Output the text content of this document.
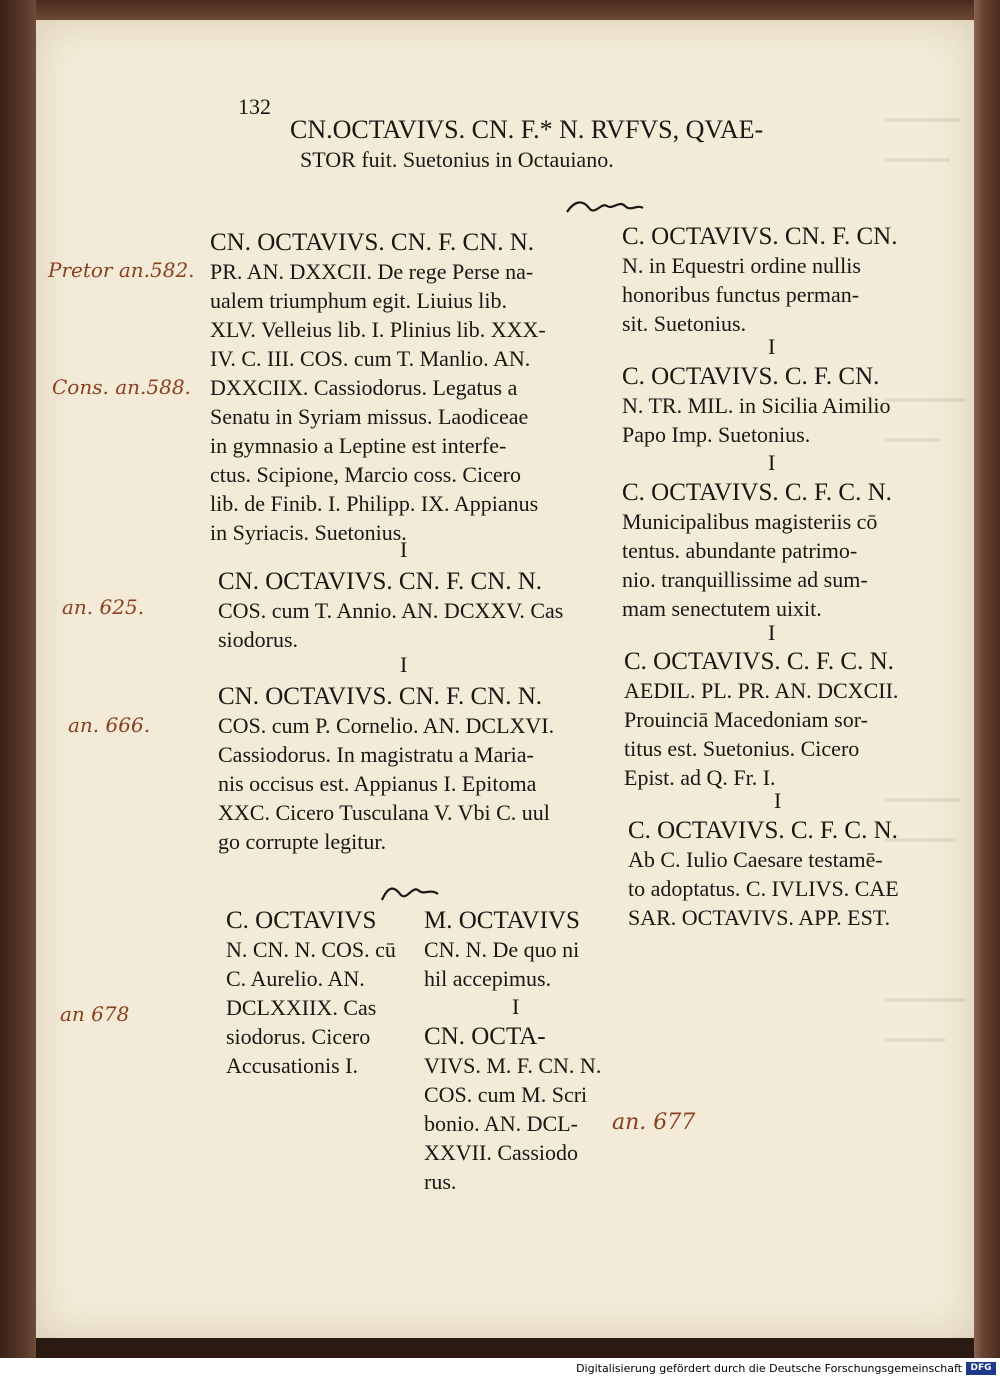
132
CN.OCTAVIVS. CN. F.* N. RVFVS, QVAE-
STOR fuit. Suetonius in Octauiano.
Pretor an.582.
Cons. an.588.
an. 625.
an. 666.
an 678
an. 677
CN. OCTAVIVS. CN. F. CN. N.
PR. AN. DXXCII. De rege Perse na-
ualem triumphum egit. Liuius lib.
XLV. Velleius lib. I. Plinius lib. XXX-
IV. C. III. COS. cum T. Manlio. AN.
DXXCIIX. Cassiodorus. Legatus a
Senatu in Syriam missus. Laodiceae
in gymnasio a Leptine est interfe-
ctus. Scipione, Marcio coss. Cicero
lib. de Finib. I. Philipp. IX. Appianus
in Syriacis. Suetonius.
I
CN. OCTAVIVS. CN. F. CN. N.
COS. cum T. Annio. AN. DCXXV. Cas
siodorus.
I
CN. OCTAVIVS. CN. F. CN. N.
COS. cum P. Cornelio. AN. DCLXVI.
Cassiodorus. In magistratu a Maria-
nis occisus est. Appianus I. Epitoma
XXC. Cicero Tusculana V. Vbi C. uul
go corrupte legitur.
C. OCTAVIVS. CN. F. CN.
N. in Equestri ordine nullis
honoribus functus perman-
sit. Suetonius.
I
C. OCTAVIVS. C. F. CN.
N. TR. MIL. in Sicilia Aimilio
Papo Imp. Suetonius.
I
C. OCTAVIVS. C. F. C. N.
Municipalibus magisteriis cō
tentus. abundante patrimo-
nio. tranquillissime ad sum-
mam senectutem uixit.
I
C. OCTAVIVS. C. F. C. N.
AEDIL. PL. PR. AN. DCXCII.
Prouinciā Macedoniam sor-
titus est. Suetonius. Cicero
Epist. ad Q. Fr. I.
I
C. OCTAVIVS. C. F. C. N.
Ab C. Iulio Caesare testamē-
to adoptatus. C. IVLIVS. CAE
SAR. OCTAVIVS. APP. EST.
C. OCTAVIVS
N. CN. N. COS. cū
C. Aurelio. AN.
DCLXXIIX. Cas
siodorus. Cicero
Accusationis I.
M. OCTAVIVS
CN. N. De quo ni
hil accepimus.
I
CN. OCTA-
VIVS. M. F. CN. N.
COS. cum M. Scri
bonio. AN. DCL-
XXVII. Cassiodo
rus.
Digitalisierung gefördert durch die Deutsche Forschungsgemeinschaft DFG
